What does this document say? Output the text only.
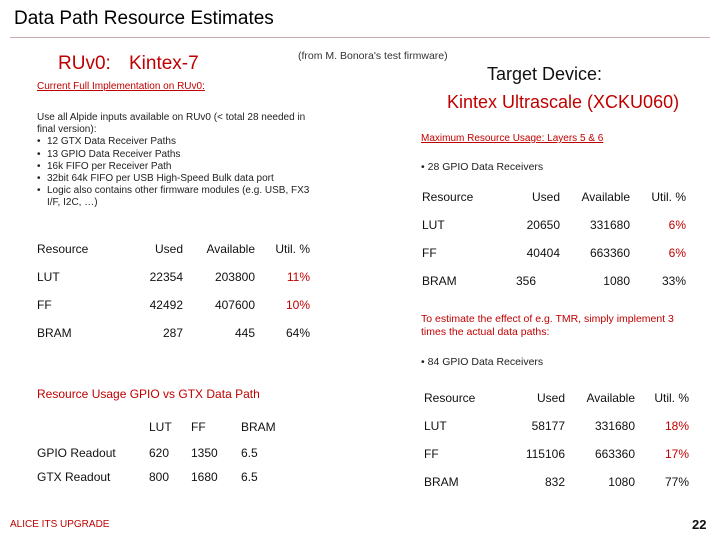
Data Path Resource Estimates
RUv0: Kintex-7	(from M. Bonora's test firmware)
Current Full Implementation on RUv0:
Use all Alpide inputs available on RUv0 (< total 28 needed in final version):
• 12 GTX Data Receiver Paths
• 13 GPIO Data Receiver Paths
• 16k FIFO per Receiver Path
• 32bit 64k FIFO per USB High-Speed Bulk data port
• Logic also contains other firmware modules (e.g. USB, FX3 I/F, I2C, …)
Resource	Used	Available	Util. %
LUT	22354	203800	11%
FF	42492	407600	10%
BRAM	287	445	64%
Resource Usage GPIO vs GTX Data Path
	LUT	FF	BRAM
GPIO Readout	620	1350	6.5
GTX Readout	800	1680	6.5
Target Device:
Kintex Ultrascale (XCKU060)
Maximum Resource Usage: Layers 5 & 6
• 28 GPIO Data Receivers
Resource	Used	Available	Util. %
LUT	20650	331680	6%
FF	40404	663360	6%
BRAM	356	1080	33%
To estimate the effect of e.g. TMR, simply implement 3 times the actual data paths:
• 84 GPIO Data Receivers
Resource	Used	Available	Util. %
LUT	58177	331680	18%
FF	115106	663360	17%
BRAM	832	1080	77%
ALICE ITS UPGRADE	22
